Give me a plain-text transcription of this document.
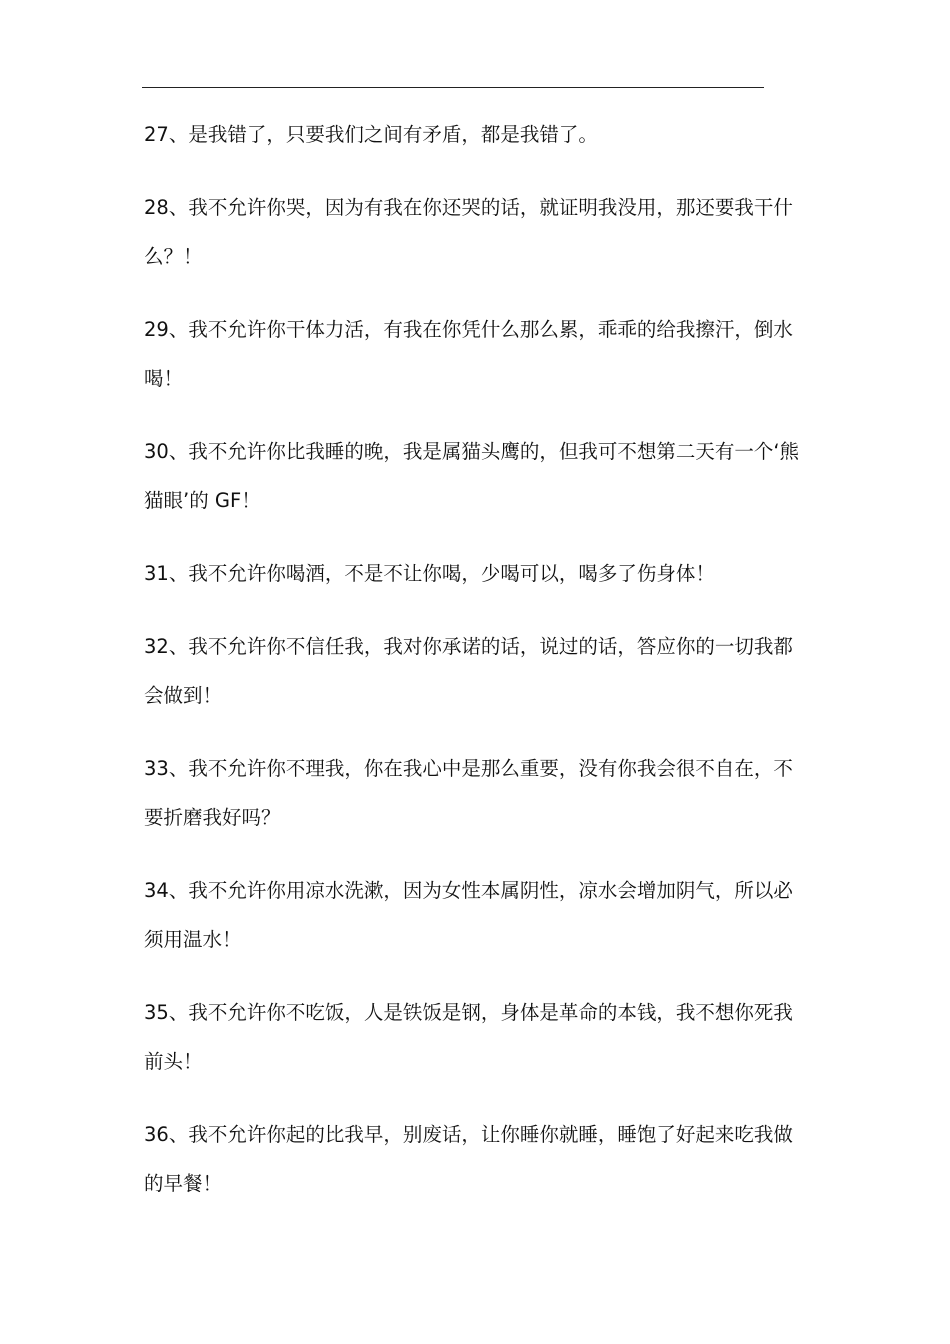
27、是我错了，只要我们之间有矛盾，都是我错了。
28、我不允许你哭，因为有我在你还哭的话，就证明我没用，那还要我干什么？！
29、我不允许你干体力活，有我在你凭什么那么累，乖乖的给我擦汗，倒水喝！
30、我不允许你比我睡的晚，我是属猫头鹰的，但我可不想第二天有一个‘熊猫眼’的 GF！
31、我不允许你喝酒，不是不让你喝，少喝可以，喝多了伤身体！
32、我不允许你不信任我，我对你承诺的话，说过的话，答应你的一切我都会做到！
33、我不允许你不理我，你在我心中是那么重要，没有你我会很不自在，不要折磨我好吗？
34、我不允许你用凉水洗漱，因为女性本属阴性，凉水会增加阴气，所以必须用温水！
35、我不允许你不吃饭，人是铁饭是钢，身体是革命的本钱，我不想你死我前头！
36、我不允许你起的比我早，别废话，让你睡你就睡，睡饱了好起来吃我做的早餐！
